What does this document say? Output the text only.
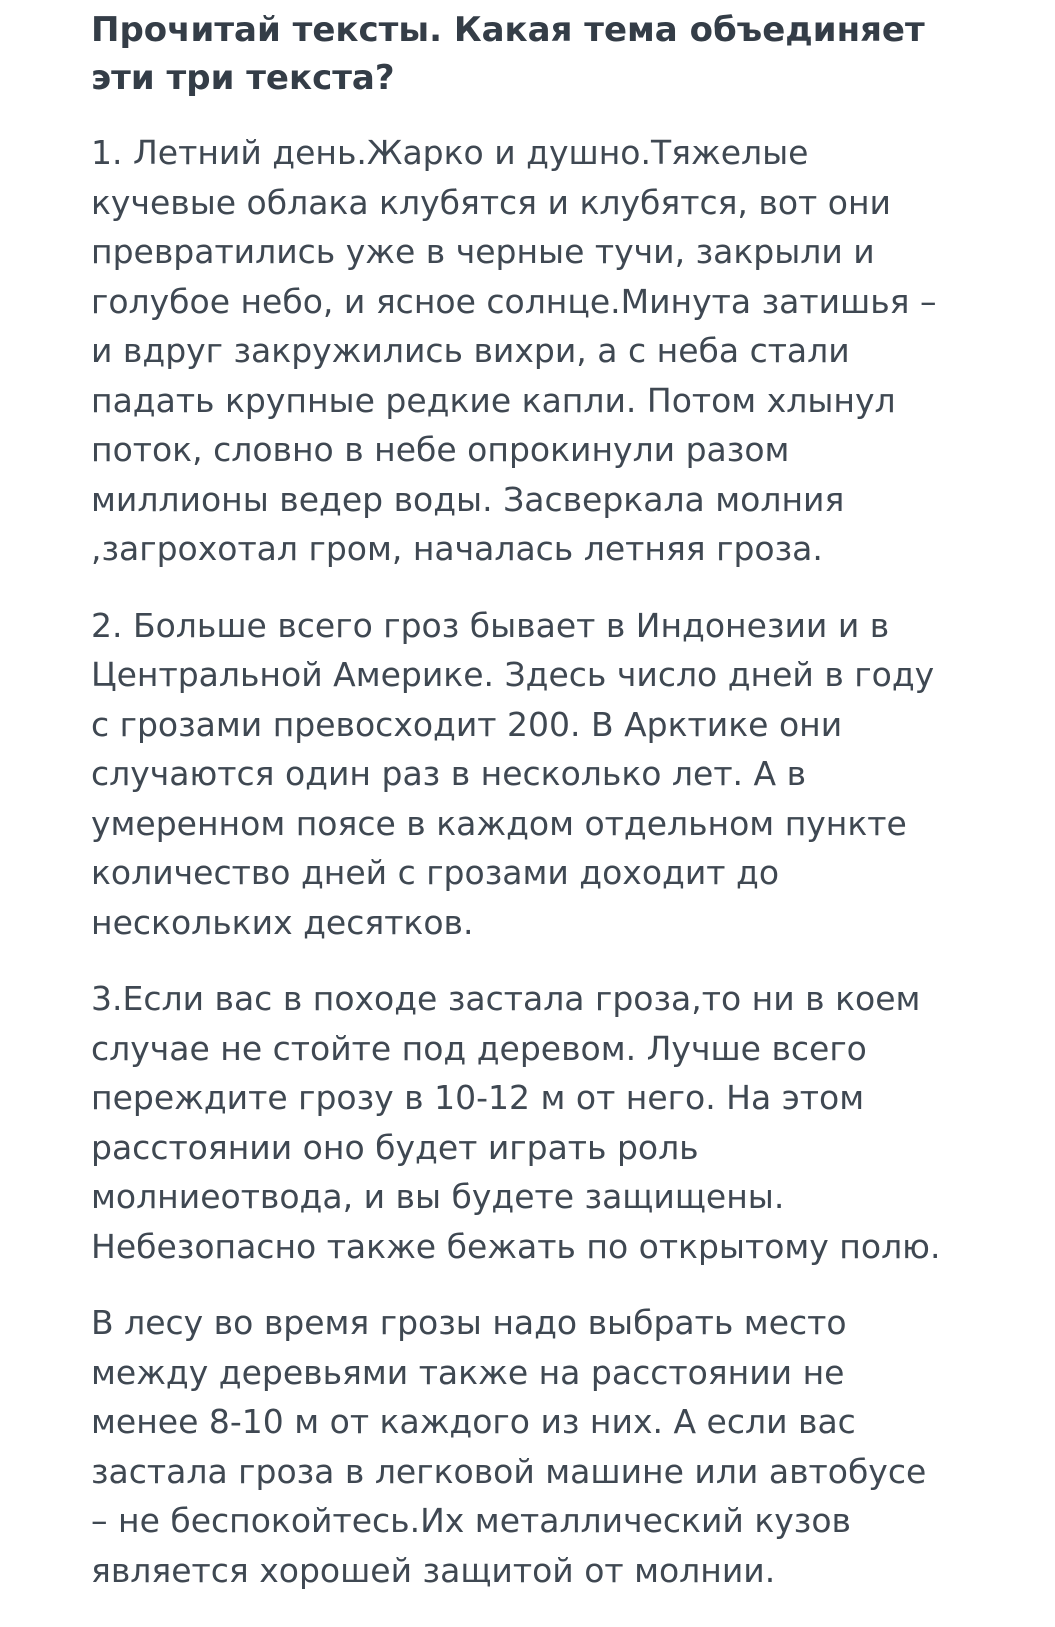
Прочитай тексты. Какая тема объединяет эти три текста?
1. Летний день.Жарко и душно.Тяжелые
кучевые облака клубятся и клубятся, вот они
превратились уже в черные тучи, закрыли и
голубое небо, и ясное солнце.Минута затишья –
и вдруг закружились вихри, а с неба стали
падать крупные редкие капли. Потом хлынул
поток, словно в небе опрокинули разом
миллионы ведер воды. Засверкала молния
,загрохотал гром, началась летняя гроза.
2. Больше всего гроз бывает в Индонезии и в
Центральной Америке. Здесь число дней в году
с грозами превосходит 200. В Арктике они
случаются один раз в несколько лет. А в
умеренном поясе в каждом отдельном пункте
количество дней с грозами доходит до
нескольких десятков.
3.Если вас в походе застала гроза,то ни в коем
случае не стойте под деревом. Лучше всего
переждите грозу в 10-12 м от него. На этом
расстоянии оно будет играть роль
молниеотвода, и вы будете защищены.
Небезопасно также бежать по открытому полю.
В лесу во время грозы надо выбрать место
между деревьями также на расстоянии не
менее 8-10 м от каждого из них. А если вас
застала гроза в легковой машине или автобусе
– не беспокойтесь.Их металлический кузов
является хорошей защитой от молнии.
